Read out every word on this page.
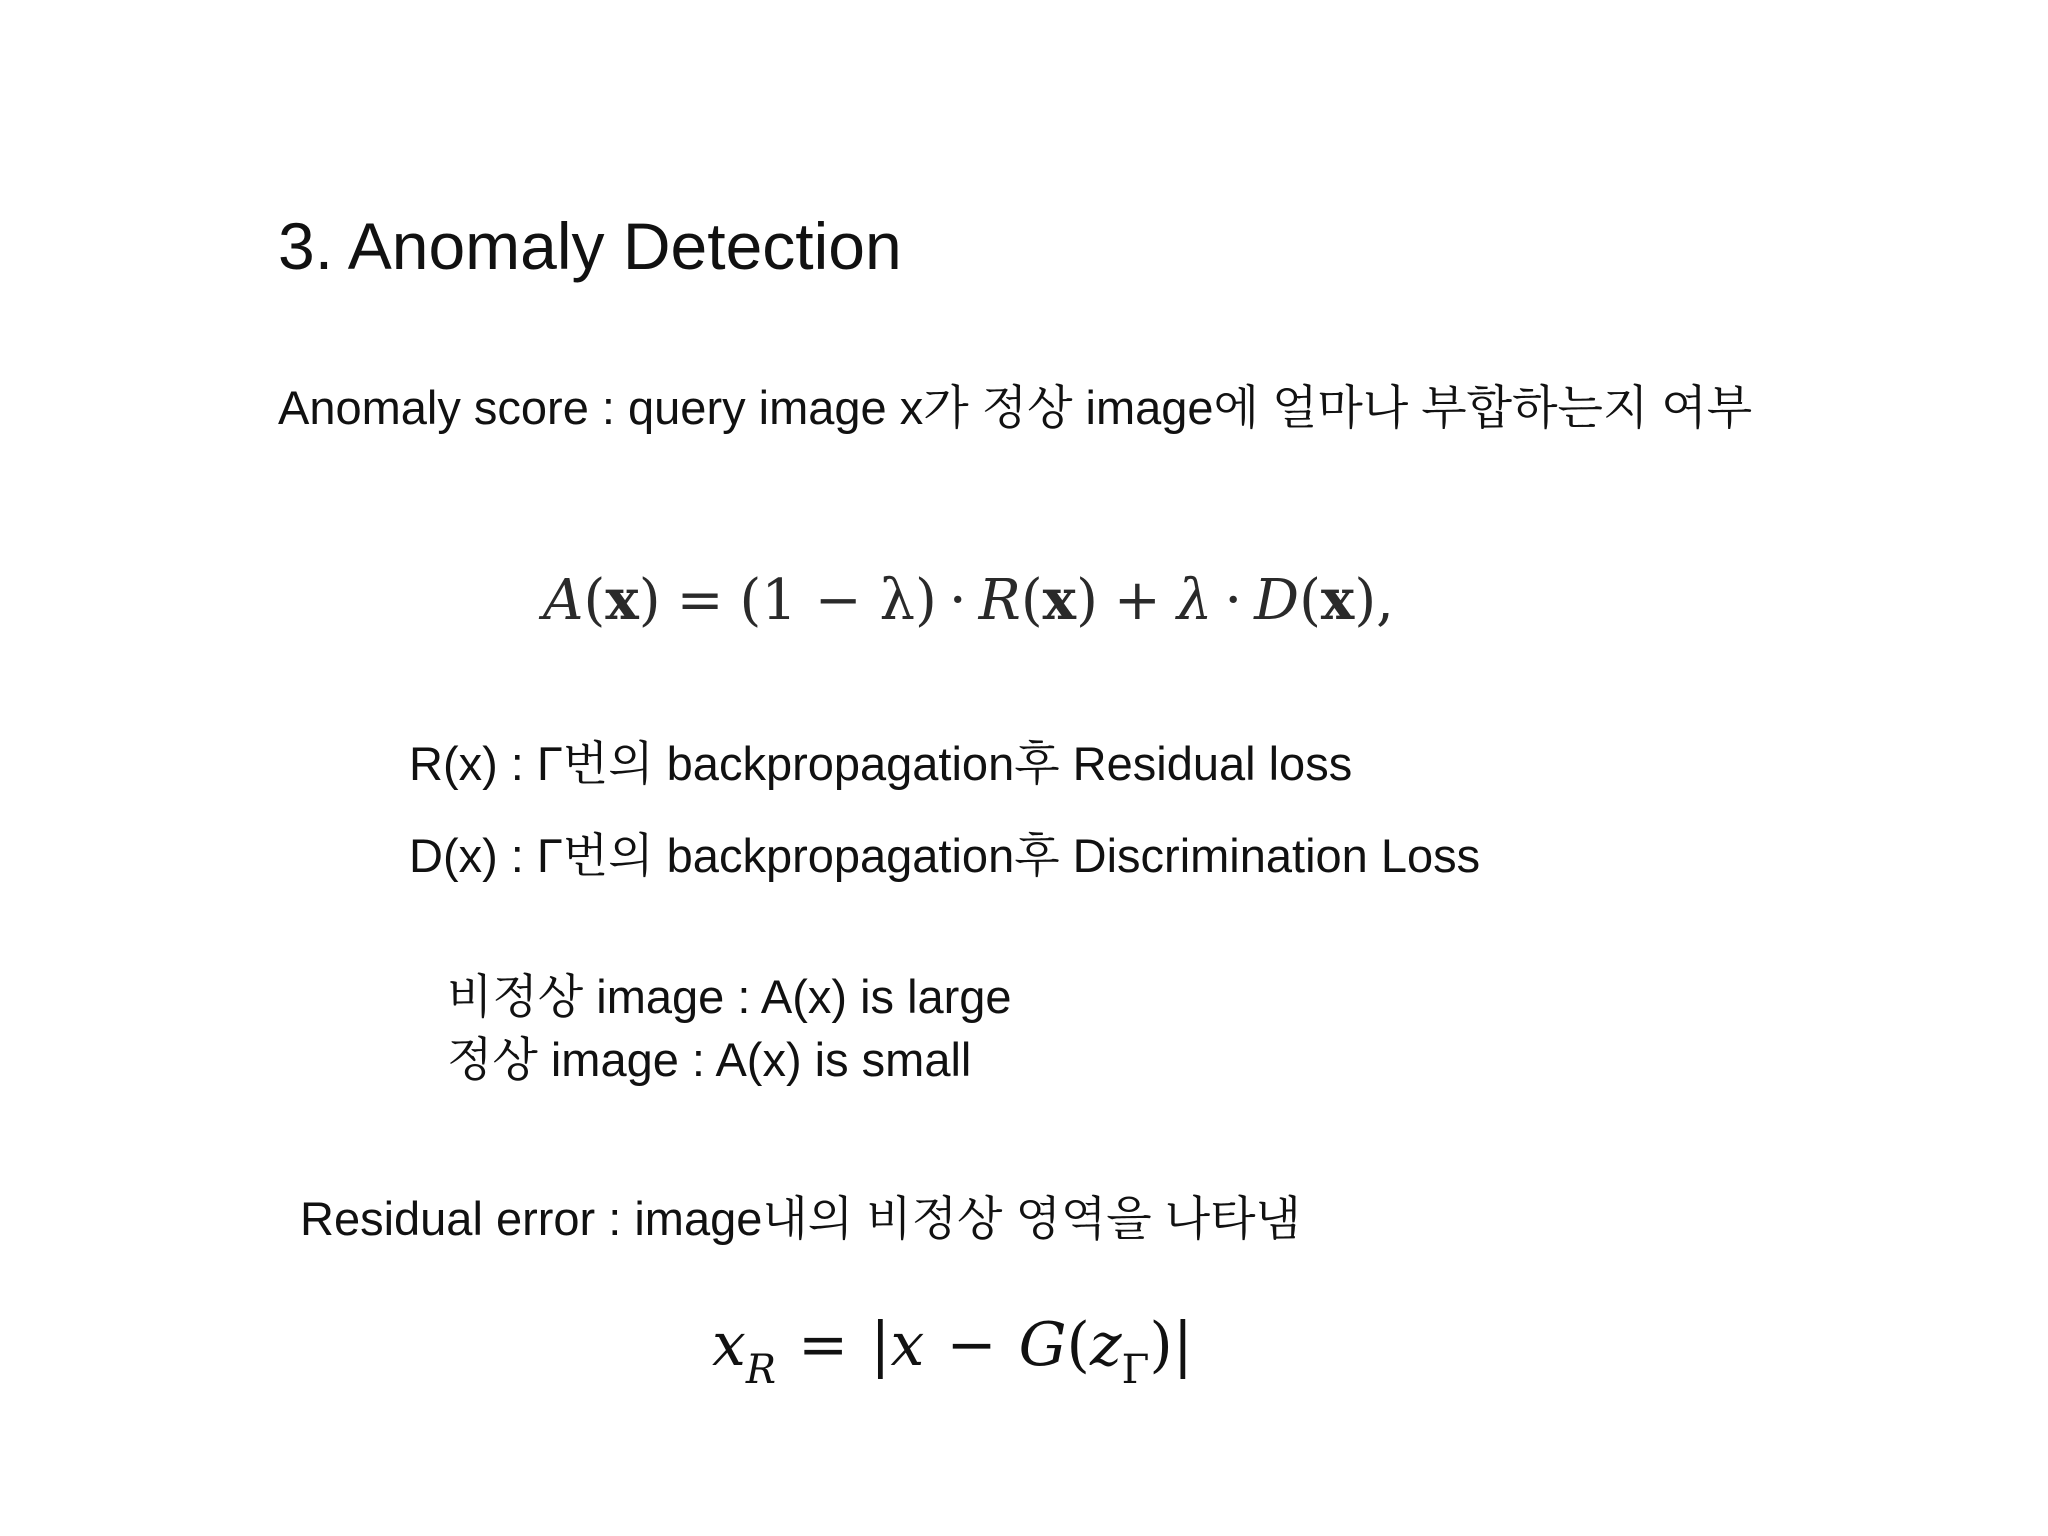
3. Anomaly Detection
Anomaly score : query image x가 정상 image에 얼마나 부합하는지 여부
A(x) = (1 − λ) · R(x) + λ · D(x),
R(x) : Γ번의 backpropagation후 Residual loss
D(x) : Γ번의 backpropagation후 Discrimination Loss
비정상 image : A(x) is large
정상 image : A(x) is small
Residual error : image내의 비정상 영역을 나타냄
$x_R = |x - G(z_\Gamma)|$
